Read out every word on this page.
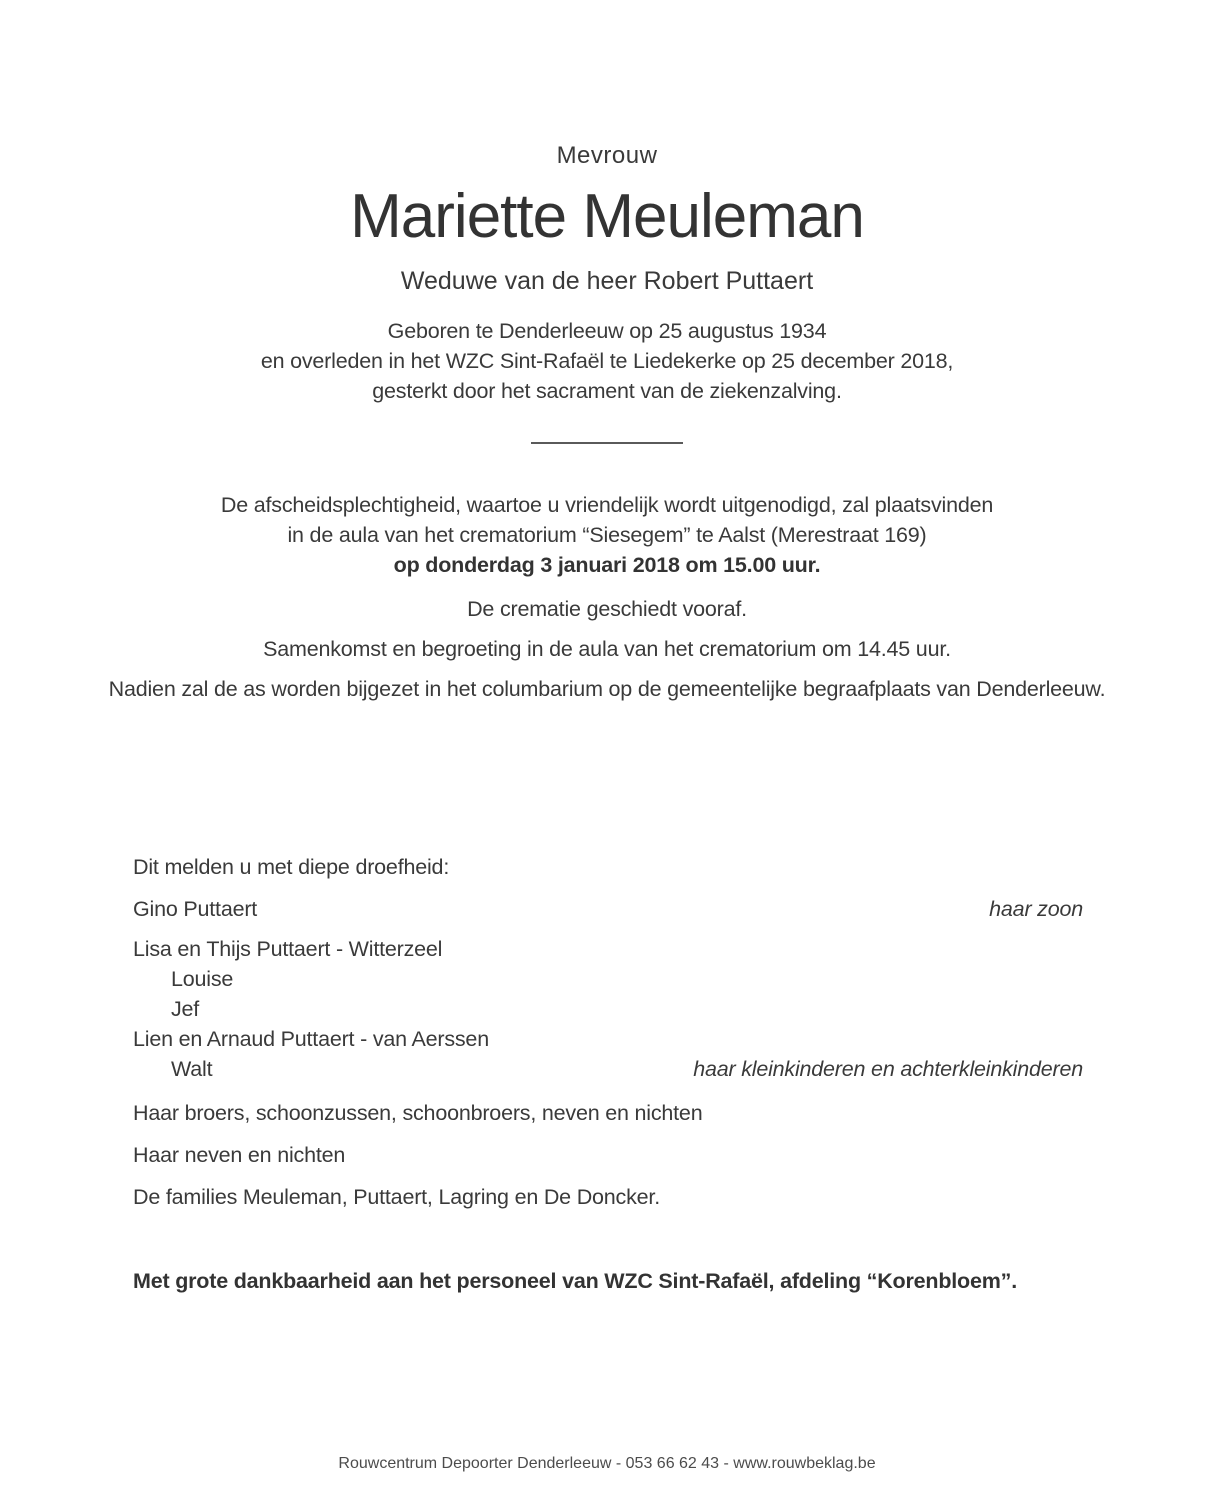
Mevrouw
Mariette Meuleman
Weduwe van de heer Robert Puttaert
Geboren te Denderleeuw op 25 augustus 1934
en overleden in het WZC Sint-Rafaël te Liedekerke op 25 december 2018,
gesterkt door het sacrament van de ziekenzalving.
De afscheidsplechtigheid, waartoe u vriendelijk wordt uitgenodigd, zal plaatsvinden
in de aula van het crematorium “Siesegem” te Aalst (Merestraat 169)
op donderdag 3 januari 2018 om 15.00 uur.
De crematie geschiedt vooraf.
Samenkomst en begroeting in de aula van het crematorium om 14.45 uur.
Nadien zal de as worden bijgezet in het columbarium op de gemeentelijke begraafplaats van Denderleeuw.
Dit melden u met diepe droefheid:
Gino Puttaert	haar zoon
Lisa en Thijs Puttaert - Witterzeel
Louise
Jef
Lien en Arnaud Puttaert - van Aerssen
Walt	haar kleinkinderen en achterkleinkinderen
Haar broers, schoonzussen, schoonbroers, neven en nichten
Haar neven en nichten
De families Meuleman, Puttaert, Lagring en De Doncker.
Met grote dankbaarheid aan het personeel van WZC Sint-Rafaël, afdeling “Korenbloem”.
Rouwcentrum Depoorter Denderleeuw - 053 66 62 43 - www.rouwbeklag.be
